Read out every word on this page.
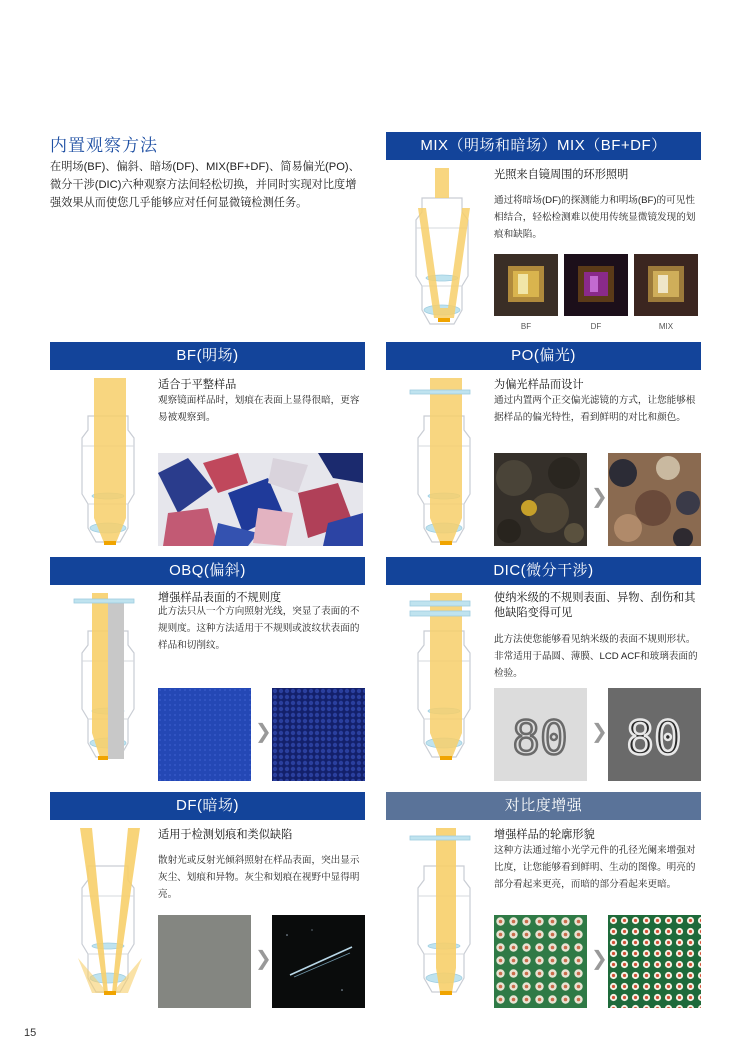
内置观察方法

在明场(BF)、偏斜、暗场(DF)、MIX(BF+DF)、简易偏光(PO)、微分干涉(DIC)六种观察方法间轻松切换，并同时实现对比度增强效果从而使您几乎能够应对任何显微镜检测任务。

MIX（明场和暗场）MIX（BF+DF）
光照来自镜周围的环形照明
通过将暗场(DF)的探测能力和明场(BF)的可见性相结合，轻松检测难以使用传统显微镜发现的划痕和缺陷。
BF	DF	MIX
BF(明场)
适合于平整样品
观察镜面样品时，划痕在表面上显得很暗，更容易被观察到。
PO(偏光)
为偏光样品而设计
通过内置两个正交偏光滤镜的方式，让您能够根据样品的偏光特性，看到鲜明的对比和颜色。
❯
OBQ(偏斜)
增强样品表面的不规则度
此方法只从一个方向照射光线，突显了表面的不规则度。这种方法适用于不规则或波纹状表面的样品和切削纹。
❯
DIC(微分干涉)
使纳米级的不规则表面、异物、刮伤和其他缺陷变得可见
此方法使您能够看见纳米级的表面不规则形状。非常适用于晶圆、薄膜、LCD ACF和玻璃表面的检验。
80 ❯ 80
DF(暗场)
适用于检测划痕和类似缺陷
散射光或反射光倾斜照射在样品表面，突出显示灰尘、划痕和异物。灰尘和划痕在视野中显得明亮。
❯
对比度增强
增强样品的轮廓形貌
这种方法通过缩小光学元件的孔径光阑来增强对比度，让您能够看到鲜明、生动的图像。明亮的部分看起来更亮，而暗的部分看起来更暗。
❯
15
